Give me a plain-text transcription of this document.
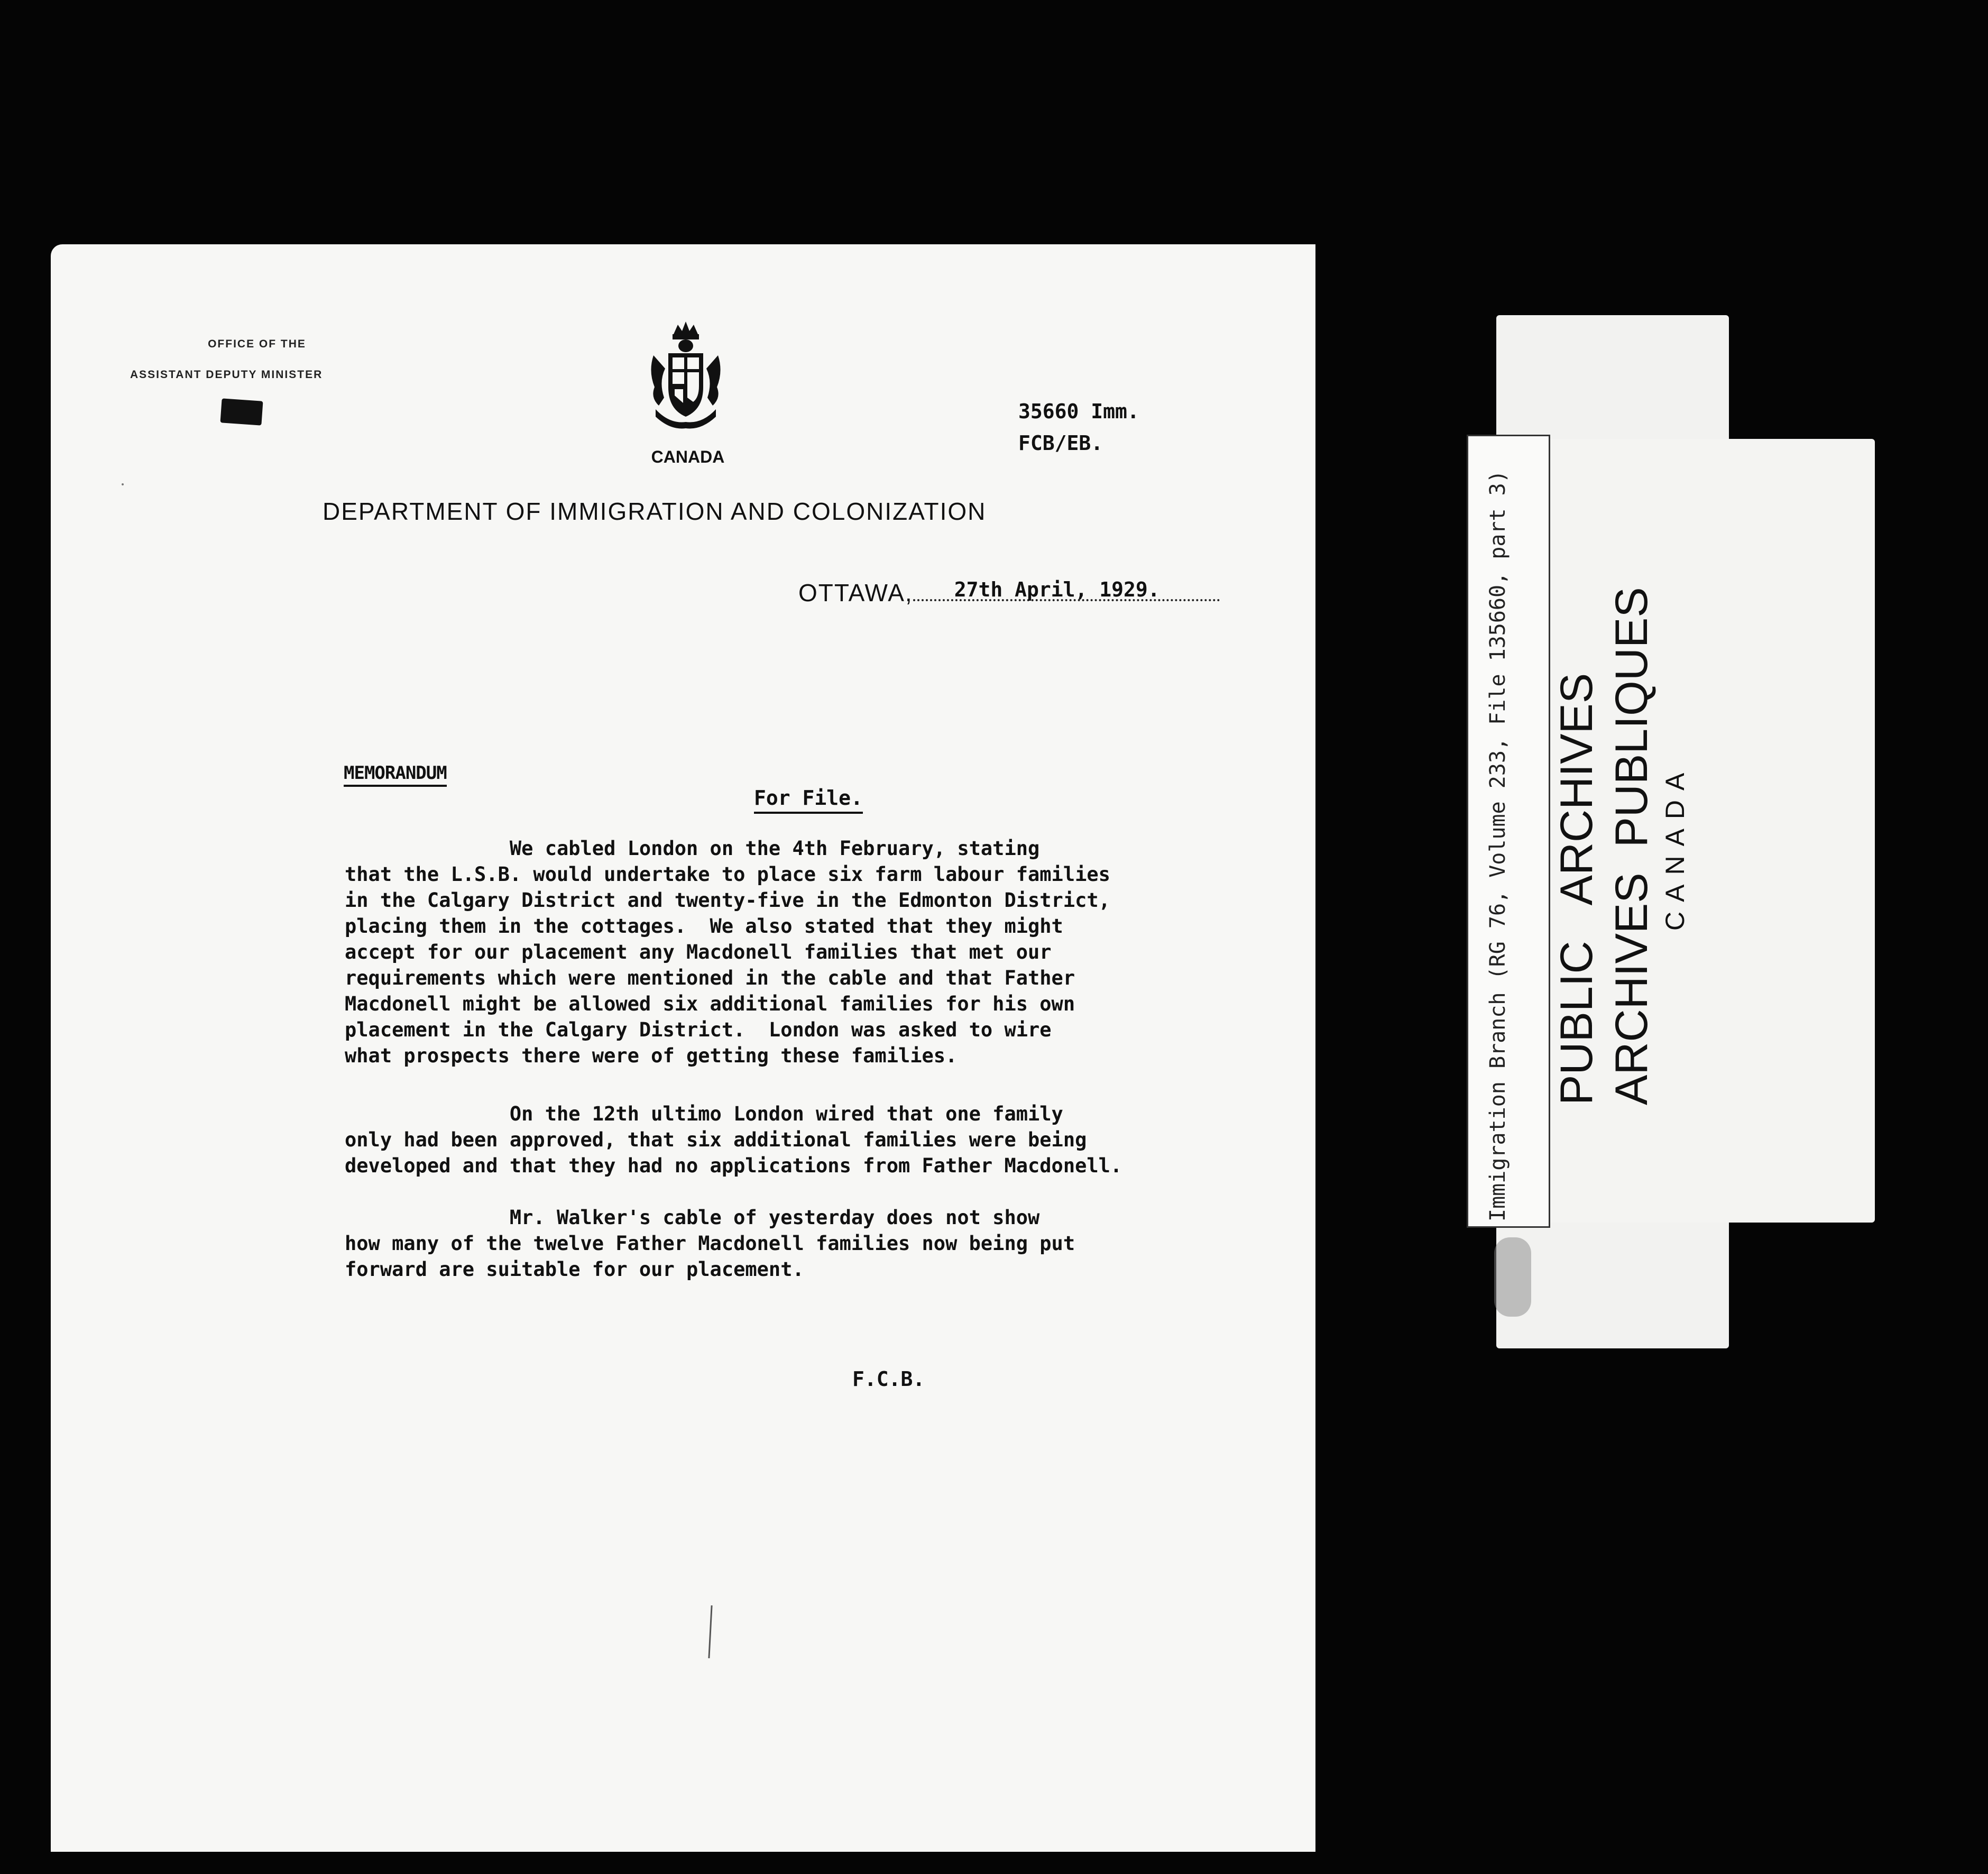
OFFICE OF THE
ASSISTANT DEPUTY MINISTER
CANADA
35660 Imm.
FCB/EB.
DEPARTMENT OF IMMIGRATION AND COLONIZATION
OTTAWA, 27th April, 1929.
MEMORANDUM
For File.
We cabled London on the 4th February, stating
that the L.S.B. would undertake to place six farm labour families
in the Calgary District and twenty-five in the Edmonton District,
placing them in the cottages.  We also stated that they might
accept for our placement any Macdonell families that met our
requirements which were mentioned in the cable and that Father
Macdonell might be allowed six additional families for his own
placement in the Calgary District.  London was asked to wire
what prospects there were of getting these families.
On the 12th ultimo London wired that one family
only had been approved, that six additional families were being
developed and that they had no applications from Father Macdonell.
Mr. Walker's cable of yesterday does not show
how many of the twelve Father Macdonell families now being put
forward are suitable for our placement.
F.C.B.
Immigration Branch (RG 76, Volume 233, File 135660, part 3) PUBLIC   ARCHIVES ARCHIVES  PUBLIQUES CANADA
